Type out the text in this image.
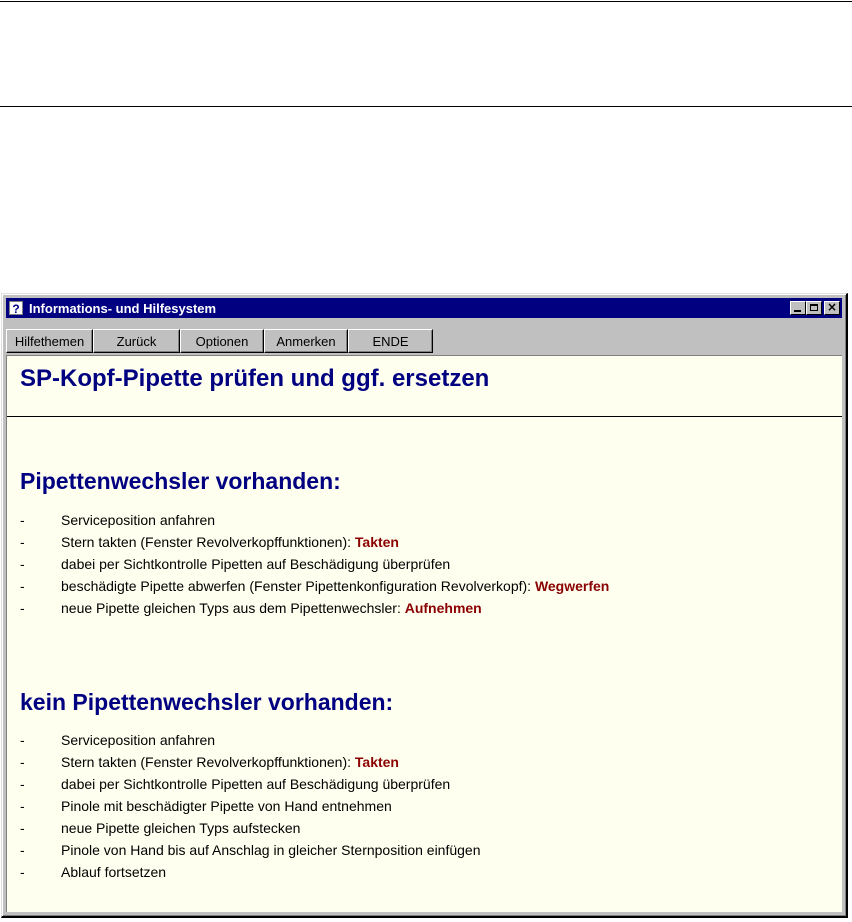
? Informations- und Hilfesystem	×
Hilfethemen	Zurück	Optionen	Anmerken	ENDE
SP-Kopf-Pipette prüfen und ggf. ersetzen
Pipettenwechsler vorhanden:
-	Serviceposition anfahren
-	Stern takten (Fenster Revolverkopffunktionen): Takten
-	dabei per Sichtkontrolle Pipetten auf Beschädigung überprüfen
-	beschädigte Pipette abwerfen (Fenster Pipettenkonfiguration Revolverkopf): Wegwerfen
-	neue Pipette gleichen Typs aus dem Pipettenwechsler: Aufnehmen
kein Pipettenwechsler vorhanden:
-	Serviceposition anfahren
-	Stern takten (Fenster Revolverkopffunktionen): Takten
-	dabei per Sichtkontrolle Pipetten auf Beschädigung überprüfen
-	Pinole mit beschädigter Pipette von Hand entnehmen
-	neue Pipette gleichen Typs aufstecken
-	Pinole von Hand bis auf Anschlag in gleicher Sternposition einfügen
-	Ablauf fortsetzen
